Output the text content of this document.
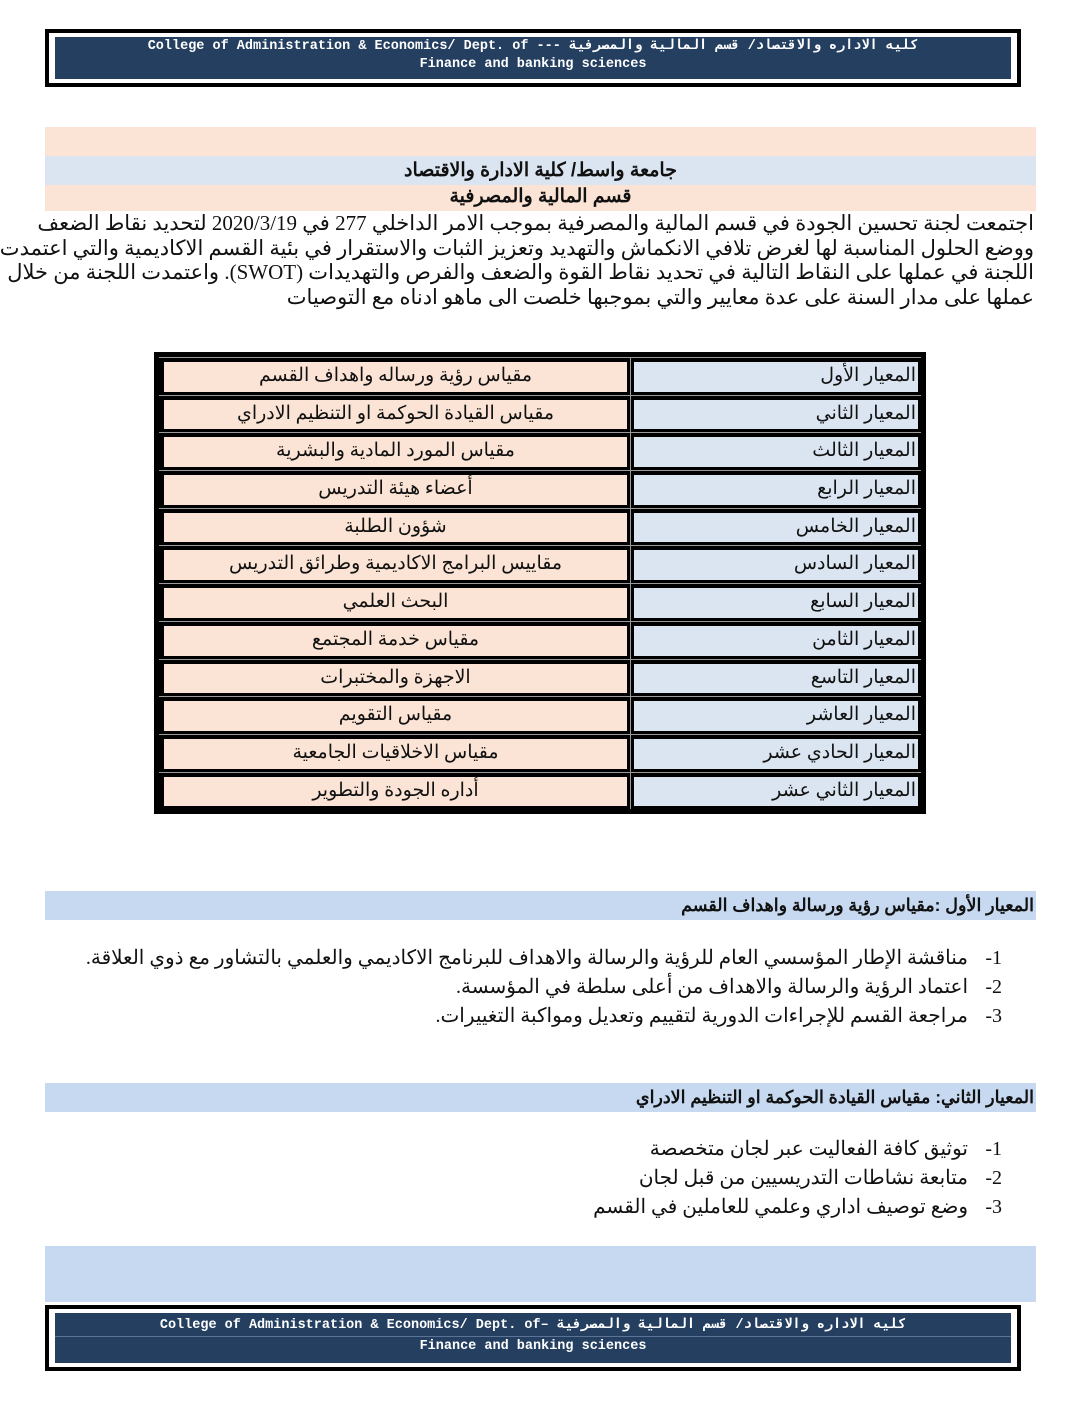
College of Administration & Economics/ Dept. of --- كليه الاداره والاقتصاد/ قسم المالية والمصرفية
Finance and banking sciences
جامعة واسط/ كلية الادارة والاقتصاد
قسم المالية والمصرفية
اجتمعت لجنة تحسين الجودة في قسم المالية والمصرفية بموجب الامر الداخلي 277 في 2020/3/19 لتحديد نقاط الضعف
ووضع الحلول المناسبة لها لغرض تلافي الانكماش والتهديد وتعزيز الثبات والاستقرار في بئية القسم الاكاديمية والتي اعتمدت
اللجنة في عملها على النقاط التالية في تحديد نقاط القوة والضعف والفرص والتهديدات (SWOT). واعتمدت اللجنة من خلال
عملها على مدار السنة على عدة معايير والتي بموجبها خلصت الى ماهو ادناه مع التوصيات
المعيار الأول
مقياس رؤية ورساله واهداف القسم
المعيار الثاني
مقياس القيادة الحوكمة او التنظيم الادراي
المعيار الثالث
مقياس المورد المادية والبشرية
المعيار الرابع
أعضاء هيئة التدريس
المعيار الخامس
شؤون الطلبة
المعيار السادس
مقاييس البرامج الاكاديمية وطرائق التدريس
المعيار السابع
البحث العلمي
المعيار الثامن
مقياس خدمة المجتمع
المعيار التاسع
الاجهزة والمختبرات
المعيار العاشر
مقياس التقويم
المعيار الحادي عشر
مقياس الاخلاقيات الجامعية
المعيار الثاني عشر
أداره الجودة والتطوير
المعيار الأول :مقياس رؤية ورسالة واهداف القسم
1-
مناقشة الإطار المؤسسي العام للرؤية والرسالة والاهداف للبرنامج الاكاديمي والعلمي بالتشاور مع ذوي العلاقة.
2-
اعتماد الرؤية والرسالة والاهداف من أعلى سلطة في المؤسسة.
3-
مراجعة القسم للإجراءات الدورية لتقييم وتعديل ومواكبة التغييرات.
المعيار الثاني: مقياس القيادة الحوكمة او التنظيم الادراي
1-
توثيق كافة الفعاليت عبر لجان متخصصة
2-
متابعة نشاطات التدريسيين من قبل لجان
3-
وضع توصيف اداري وعلمي للعاملين في القسم
College of Administration & Economics/ Dept. of– كليه الاداره والاقتصاد/ قسم المالية والمصرفية
Finance and banking sciences
